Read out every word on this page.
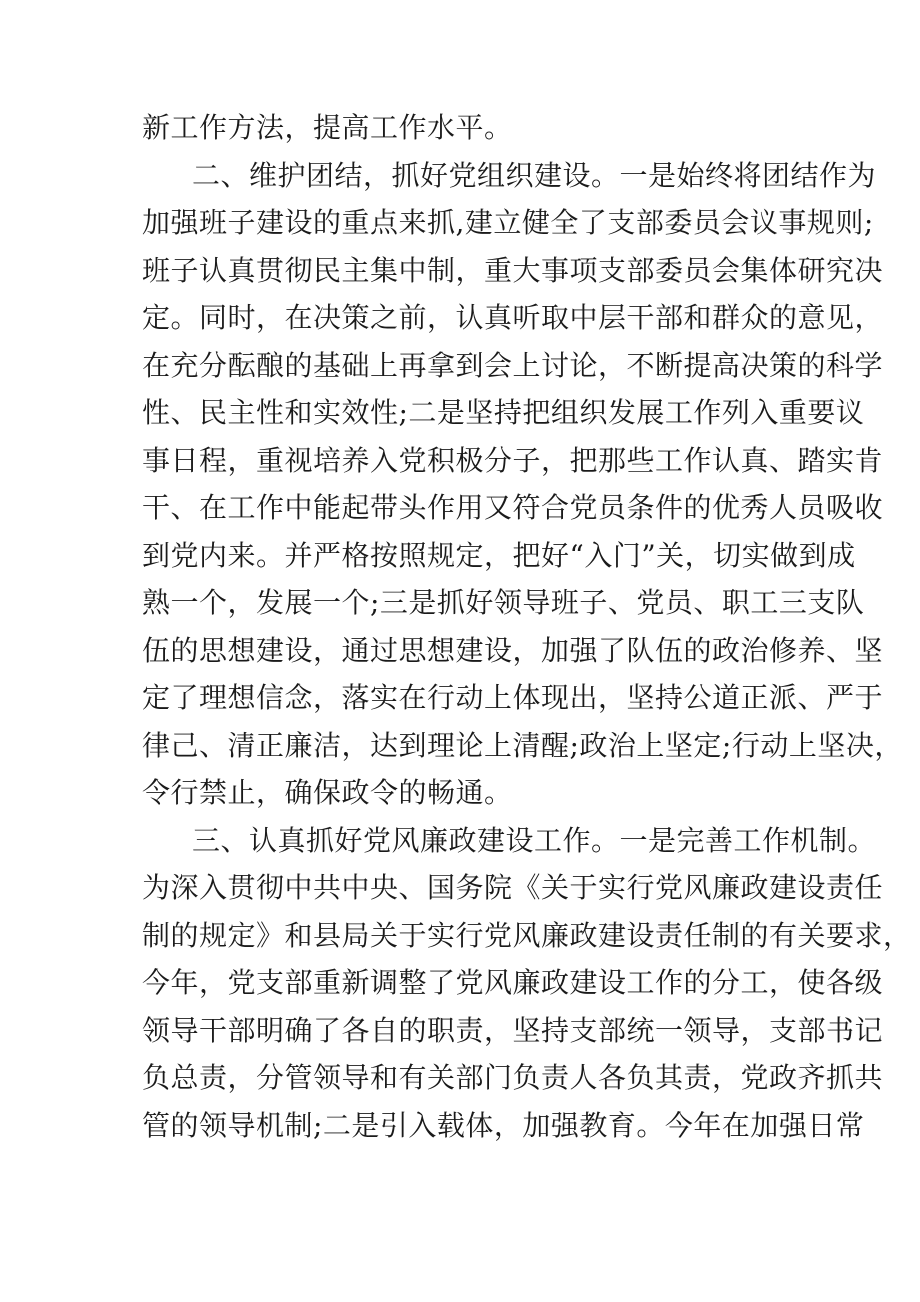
新工作方法，提高工作水平。
二、维护团结，抓好党组织建设。一是始终将团结作为
加强班子建设的重点来抓,建立健全了支部委员会议事规则;
班子认真贯彻民主集中制，重大事项支部委员会集体研究决
定。同时，在决策之前，认真听取中层干部和群众的意见，
在充分酝酿的基础上再拿到会上讨论，不断提高决策的科学
性、民主性和实效性;二是坚持把组织发展工作列入重要议
事日程，重视培养入党积极分子，把那些工作认真、踏实肯
干、在工作中能起带头作用又符合党员条件的优秀人员吸收
到党内来。并严格按照规定，把好“入门”关，切实做到成
熟一个，发展一个;三是抓好领导班子、党员、职工三支队
伍的思想建设，通过思想建设，加强了队伍的政治修养、坚
定了理想信念，落实在行动上体现出，坚持公道正派、严于
律己、清正廉洁，达到理论上清醒;政治上坚定;行动上坚决，
令行禁止，确保政令的畅通。
三、认真抓好党风廉政建设工作。一是完善工作机制。
为深入贯彻中共中央、国务院《关于实行党风廉政建设责任
制的规定》和县局关于实行党风廉政建设责任制的有关要求，
今年，党支部重新调整了党风廉政建设工作的分工，使各级
领导干部明确了各自的职责，坚持支部统一领导，支部书记
负总责，分管领导和有关部门负责人各负其责，党政齐抓共
管的领导机制;二是引入载体，加强教育。今年在加强日常
